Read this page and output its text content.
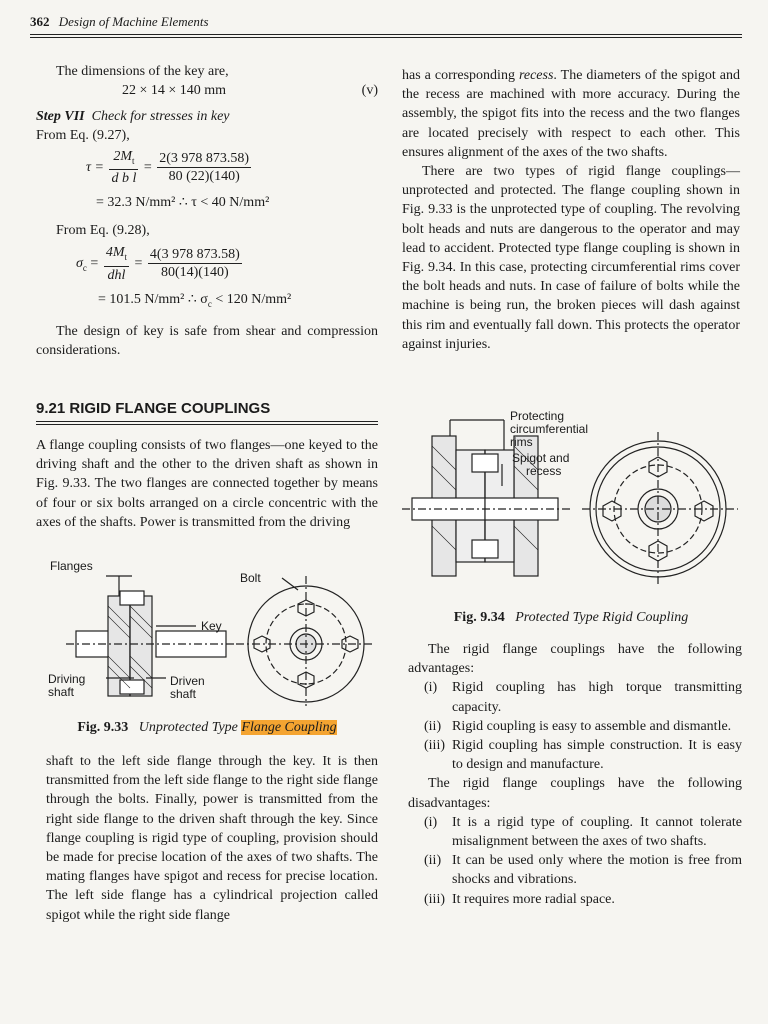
362 Design of Machine Elements

The dimensions of the key are,

22 × 14 × 140 mm	(v)

Step VII Check for stresses in key

From Eq. (9.27),

$\tau = \frac{2M_t}{\text{d b l}} = \frac{2(3 978 873.58)}{80 (22)(140)}$

= 32.3 N/mm² ∴ τ < 40 N/mm²

From Eq. (9.28),

$\sigma_c = \frac{4M_t}{\text{dhl}} = \frac{4(3 978 873.58)}{80(14)(140)}$

= 101.5 N/mm² ∴ $\sigma_c < 120$ N/mm²

The design of key is safe from shear and compression considerations.

9.21 RIGID FLANGE COUPLINGS

A flange coupling consists of two flanges—one keyed to the driving shaft and the other to the driven shaft as shown in Fig. 9.33. The two flanges are connected together by means of four or six bolts arranged on a circle concentric with the axes of the shafts. Power is transmitted from the driving

Flanges
Bolt
Key
Driving
shaft
Driven
shaft
Fig. 9.33 Unprotected Type Flange Coupling

shaft to the left side flange through the key. It is then transmitted from the left side flange to the right side flange through the bolts. Finally, power is transmitted from the right side flange to the driven shaft through the key. Since flange coupling is rigid type of coupling, provision should be made for precise location of the axes of two shafts. The mating flanges have spigot and recess for precise location. The left side flange has a cylindrical projection called spigot while the right side flange

has a corresponding recess. The diameters of the spigot and the recess are machined with more accuracy. During the assembly, the spigot fits into the recess and the two flanges are located precisely with respect to each other. This ensures alignment of the axes of the two shafts.

There are two types of rigid flange couplings—unprotected and protected. The flange coupling shown in Fig. 9.33 is the unprotected type of coupling. The revolving bolt heads and nuts are dangerous to the operator and may lead to accident. Protected type flange coupling is shown in Fig. 9.34. In this case, protecting circumferential rims cover the bolt heads and nuts. In case of failure of bolts while the machine is being run, the broken pieces will dash against this rim and eventually fall down. This protects the operator against injuries.

Protecting
circumferential
rims
Spigot and
recess
Fig. 9.34 Protected Type Rigid Coupling

The rigid flange couplings have the following advantages:

(i)	Rigid coupling has high torque transmitting capacity.
(ii) Rigid coupling is easy to assemble and dismantle.
(iii) Rigid coupling has simple construction. It is easy to design and manufacture.

The rigid flange couplings have the following disadvantages:

(i)	It is a rigid type of coupling. It cannot tolerate misalignment between the axes of two shafts.
(ii) It can be used only where the motion is free from shocks and vibrations.
(iii) It requires more radial space.
